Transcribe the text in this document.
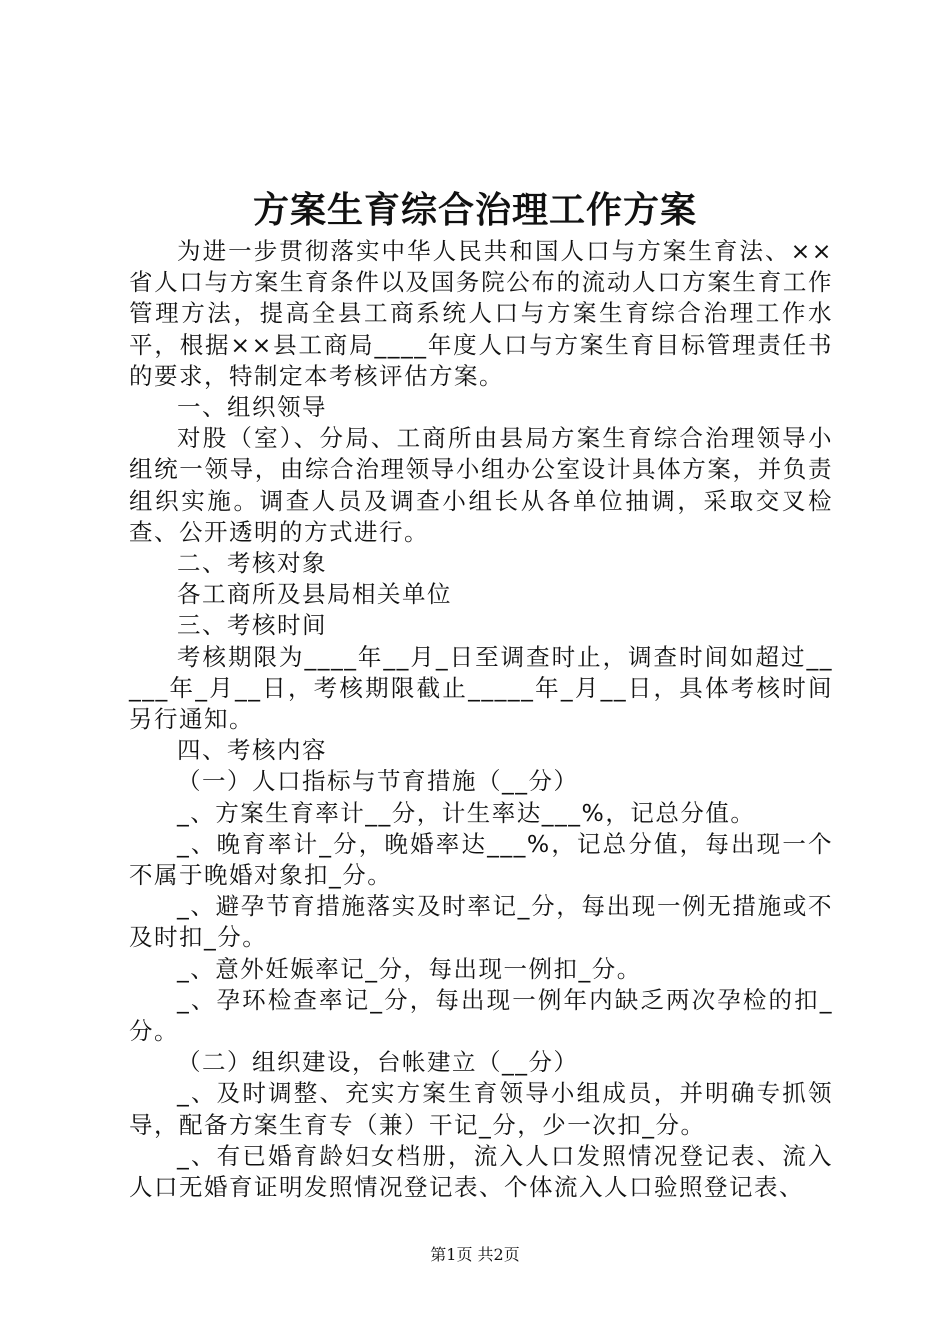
方案生育综合治理工作方案

为进一步贯彻落实中华人民共和国人口与方案生育法、××省人口与方案生育条件以及国务院公布的流动人口方案生育工作管理方法，提高全县工商系统人口与方案生育综合治理工作水平，根据××县工商局____年度人口与方案生育目标管理责任书的要求，特制定本考核评估方案。

一、组织领导

对股（室）、分局、工商所由县局方案生育综合治理领导小组统一领导，由综合治理领导小组办公室设计具体方案，并负责组织实施。调查人员及调查小组长从各单位抽调，采取交叉检查、公开透明的方式进行。

二、考核对象

各工商所及县局相关单位

三、考核时间

考核期限为____年__月_日至调查时止，调查时间如超过_____年_月__日，考核期限截止_____年_月__日，具体考核时间另行通知。

四、考核内容

（一）人口指标与节育措施（__分）

_、方案生育率计__分，计生率达___%，记总分值。

_、晚育率计_分，晚婚率达___%，记总分值，每出现一个不属于晚婚对象扣_分。

_、避孕节育措施落实及时率记_分，每出现一例无措施或不及时扣_分。

_、意外妊娠率记_分，每出现一例扣_分。

_、孕环检查率记_分，每出现一例年内缺乏两次孕检的扣_分。

（二）组织建设，台帐建立（__分）

_、及时调整、充实方案生育领导小组成员，并明确专抓领导，配备方案生育专（兼）干记_分，少一次扣_分。

_、有已婚育龄妇女档册，流入人口发照情况登记表、流入人口无婚育证明发照情况登记表、个体流入人口验照登记表、

第1页 共2页
